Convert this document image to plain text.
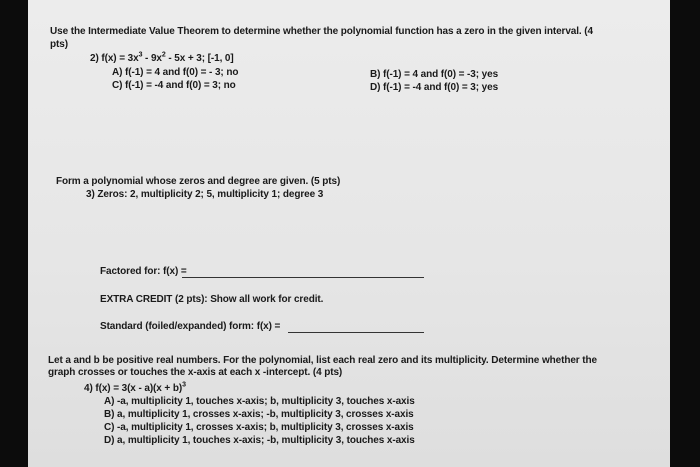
Use the Intermediate Value Theorem to determine whether the polynomial function has a zero in the given interval. (4
pts)
2) $f(x) = 3x^3 - 9x^2 - 5x + 3$; [-1, 0]
A) f(-1) = 4 and f(0) = - 3; no
C) f(-1) = -4 and f(0) = 3; no
B) f(-1) = 4 and f(0) = -3; yes
D) f(-1) = -4 and f(0) = 3; yes
Form a polynomial whose zeros and degree are given. (5 pts)
3) Zeros: 2, multiplicity 2; 5, multiplicity 1; degree 3
Factored for: f(x) =
EXTRA CREDIT (2 pts): Show all work for credit.
Standard (foiled/expanded) form: f(x) =
Let a and b be positive real numbers. For the polynomial, list each real zero and its multiplicity. Determine whether the
graph crosses or touches the x-axis at each x -intercept. (4 pts)
4) $f(x) = 3(x - a)(x + b)^3$
A) -a, multiplicity 1, touches x-axis; b, multiplicity 3, touches x-axis
B) a, multiplicity 1, crosses x-axis; -b, multiplicity 3, crosses x-axis
C) -a, multiplicity 1, crosses x-axis; b, multiplicity 3, crosses x-axis
D) a, multiplicity 1, touches x-axis; -b, multiplicity 3, touches x-axis
